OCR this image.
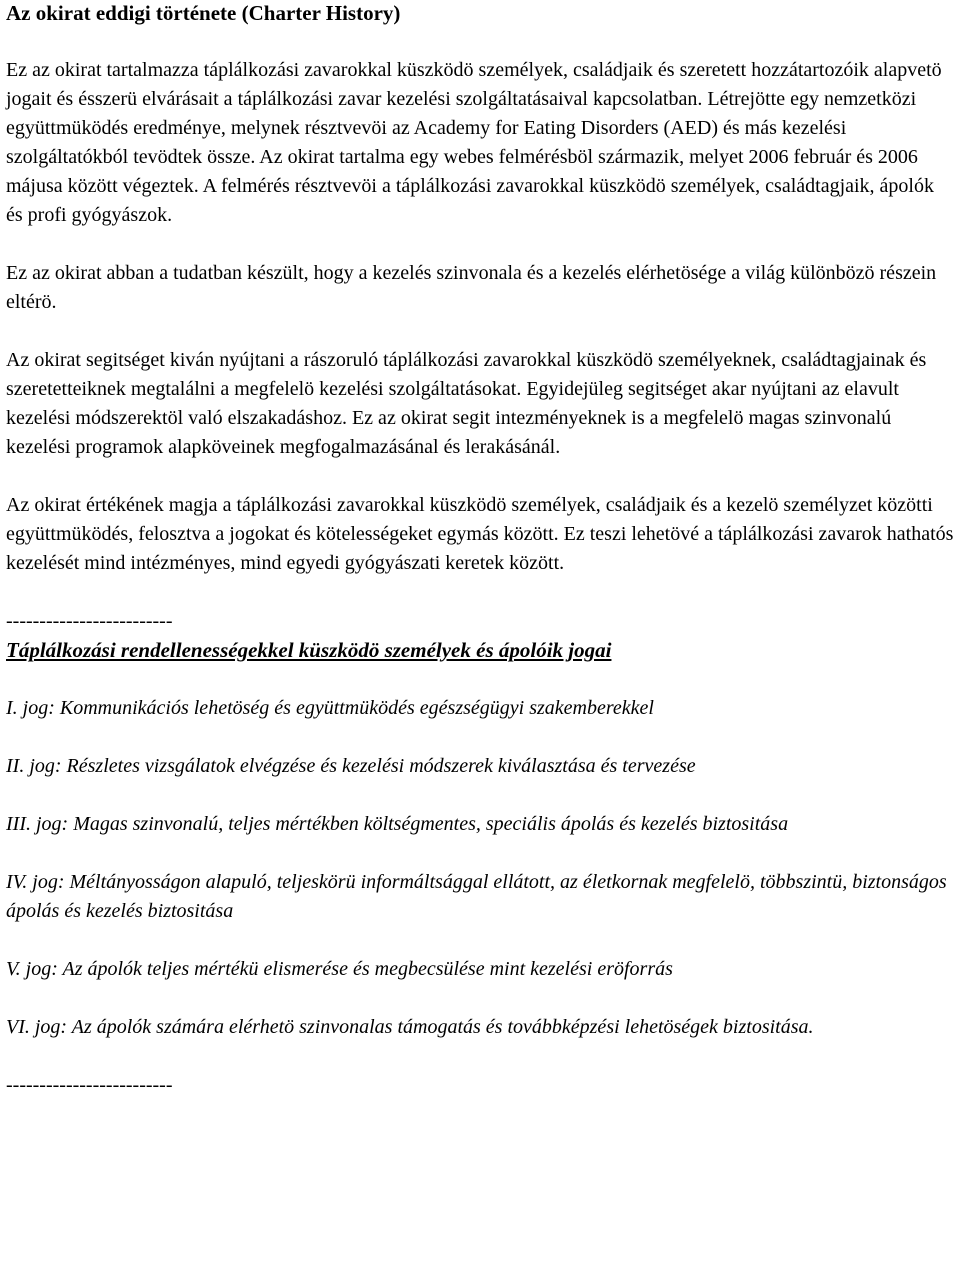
Az okirat eddigi története (Charter History)

Ez az okirat tartalmazza táplálkozási zavarokkal küszködö személyek, családjaik és szeretett hozzátartozóik alapvetö jogait és ésszerü elvárásait a táplálkozási zavar kezelési szolgáltatásaival kapcsolatban. Létrejötte egy nemzetközi együttmüködés eredménye, melynek résztvevöi az Academy for Eating Disorders (AED) és más kezelési szolgáltatókból tevödtek össze. Az okirat tartalma egy webes felmérésböl származik, melyet 2006 február és 2006 májusa között végeztek. A felmérés résztvevöi a táplálkozási zavarokkal küszködö személyek, családtagjaik, ápolók és profi gyógyászok.

Ez az okirat abban a tudatban készült, hogy a kezelés szinvonala és a kezelés elérhetösége a világ különbözö részein eltérö.

Az okirat segitséget kiván nyújtani a rászoruló táplálkozási zavarokkal küszködö személyeknek, családtagjainak és szeretetteiknek megtalálni a megfelelö kezelési szolgáltatásokat. Egyidejüleg segitséget akar nyújtani az elavult kezelési módszerektöl való elszakadáshoz. Ez az okirat segit intezményeknek is a megfelelö magas szinvonalú kezelési programok alapköveinek megfogalmazásánal és lerakásánál.

Az okirat értékének magja a táplálkozási zavarokkal küszködö személyek, családjaik és a kezelö személyzet közötti együttmüködés, felosztva a jogokat és kötelességeket egymás között. Ez teszi lehetövé a táplálkozási zavarok hathatós kezelését mind intézményes, mind egyedi gyógyászati keretek között.

-------------------------

Táplálkozási rendellenességekkel küszködö személyek és ápolóik jogai

I. jog: Kommunikációs lehetöség és együttmüködés egészségügyi szakemberekkel

II. jog: Részletes vizsgálatok elvégzése és kezelési módszerek kiválasztása és tervezése

III. jog: Magas szinvonalú, teljes mértékben költségmentes, speciális ápolás és kezelés biztositása

IV. jog: Méltányosságon alapuló, teljeskörü informáltsággal ellátott, az életkornak megfelelö, többszintü, biztonságos ápolás és kezelés biztositása

V. jog: Az ápolók teljes mértékü elismerése és megbecsülése mint kezelési eröforrás

VI. jog: Az ápolók számára elérhetö szinvonalas támogatás és továbbképzési lehetöségek biztositása.

-------------------------
